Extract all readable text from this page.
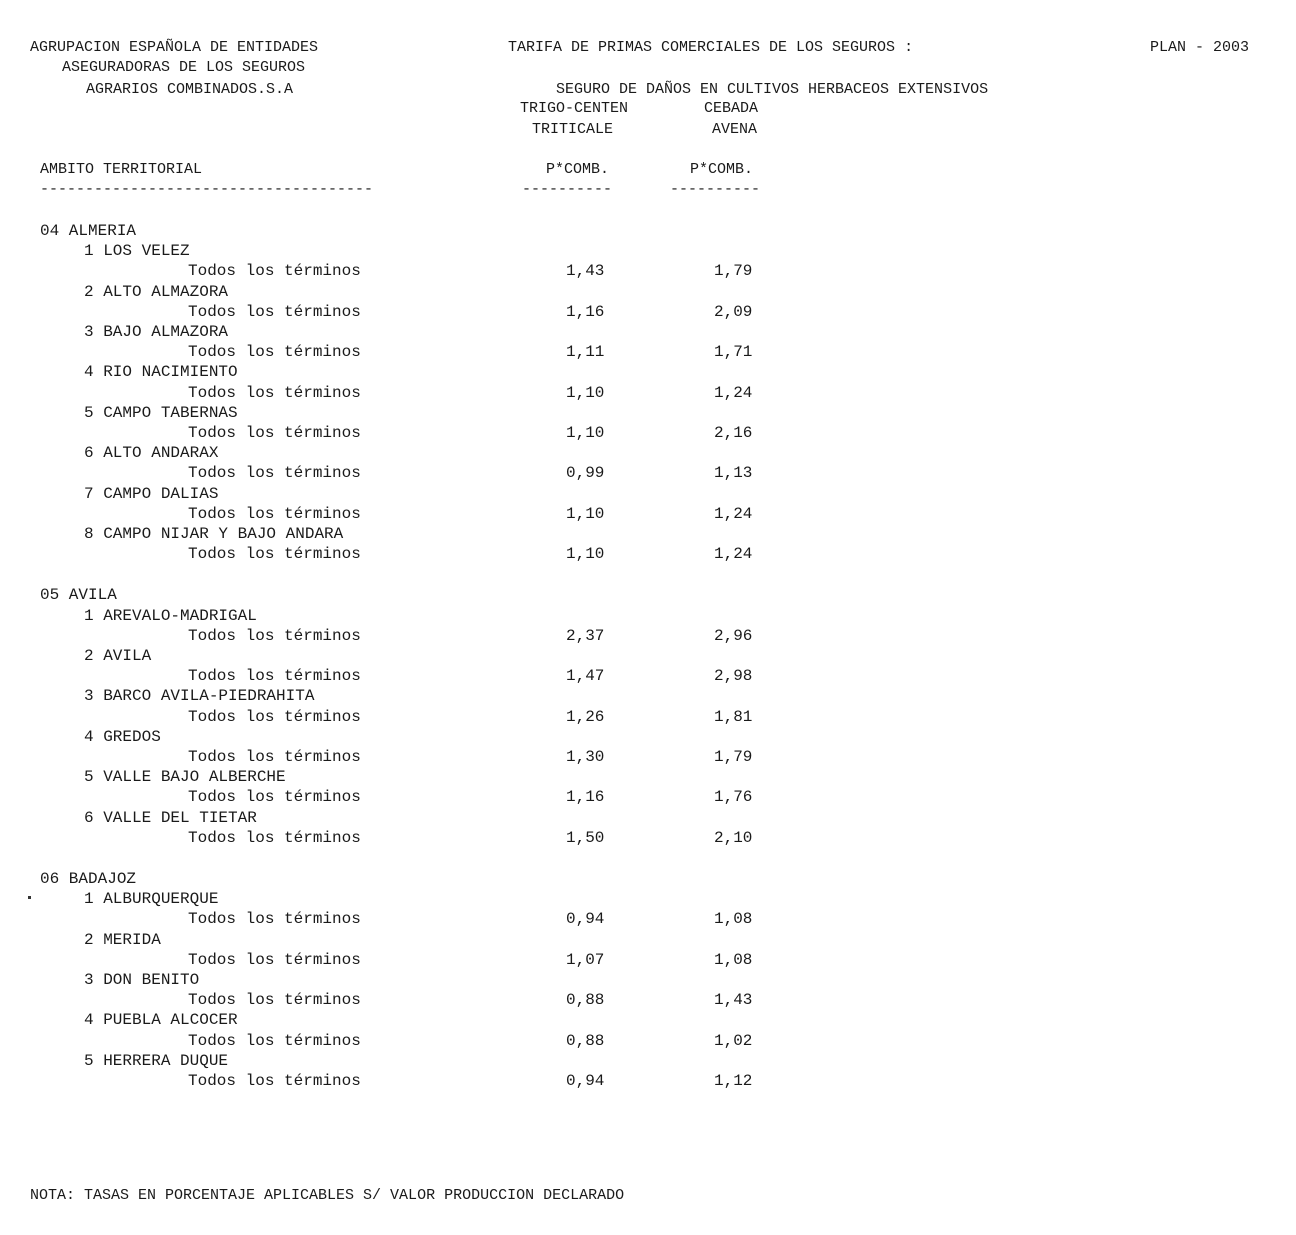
AGRUPACION ESPAÑOLA DE ENTIDADES
ASEGURADORAS DE LOS SEGUROS
AGRARIOS COMBINADOS.S.A
TARIFA DE PRIMAS COMERCIALES DE LOS SEGUROS :	PLAN - 2003
SEGURO DE DAÑOS EN CULTIVOS HERBACEOS EXTENSIVOS
TRIGO-CENTEN
TRITICALE
CEBADA
AVENA
AMBITO TERRITORIAL	P*COMB.	P*COMB.
-------------------------------------	----------	----------
04 ALMERIA
1 LOS VELEZ
Todos los términos	1,43	1,79
2 ALTO ALMAZORA
Todos los términos	1,16	2,09
3 BAJO ALMAZORA
Todos los términos	1,11	1,71
4 RIO NACIMIENTO
Todos los términos	1,10	1,24
5 CAMPO TABERNAS
Todos los términos	1,10	2,16
6 ALTO ANDARAX
Todos los términos	0,99	1,13
7 CAMPO DALIAS
Todos los términos	1,10	1,24
8 CAMPO NIJAR Y BAJO ANDARA
Todos los términos	1,10	1,24
05 AVILA
1 AREVALO-MADRIGAL
Todos los términos	2,37	2,96
2 AVILA
Todos los términos	1,47	2,98
3 BARCO AVILA-PIEDRAHITA
Todos los términos	1,26	1,81
4 GREDOS
Todos los términos	1,30	1,79
5 VALLE BAJO ALBERCHE
Todos los términos	1,16	1,76
6 VALLE DEL TIETAR
Todos los términos	1,50	2,10
06 BADAJOZ
1 ALBURQUERQUE
Todos los términos	0,94	1,08
2 MERIDA
Todos los términos	1,07	1,08
3 DON BENITO
Todos los términos	0,88	1,43
4 PUEBLA ALCOCER
Todos los términos	0,88	1,02
5 HERRERA DUQUE
Todos los términos	0,94	1,12
NOTA: TASAS EN PORCENTAJE APLICABLES S/ VALOR PRODUCCION DECLARADO
